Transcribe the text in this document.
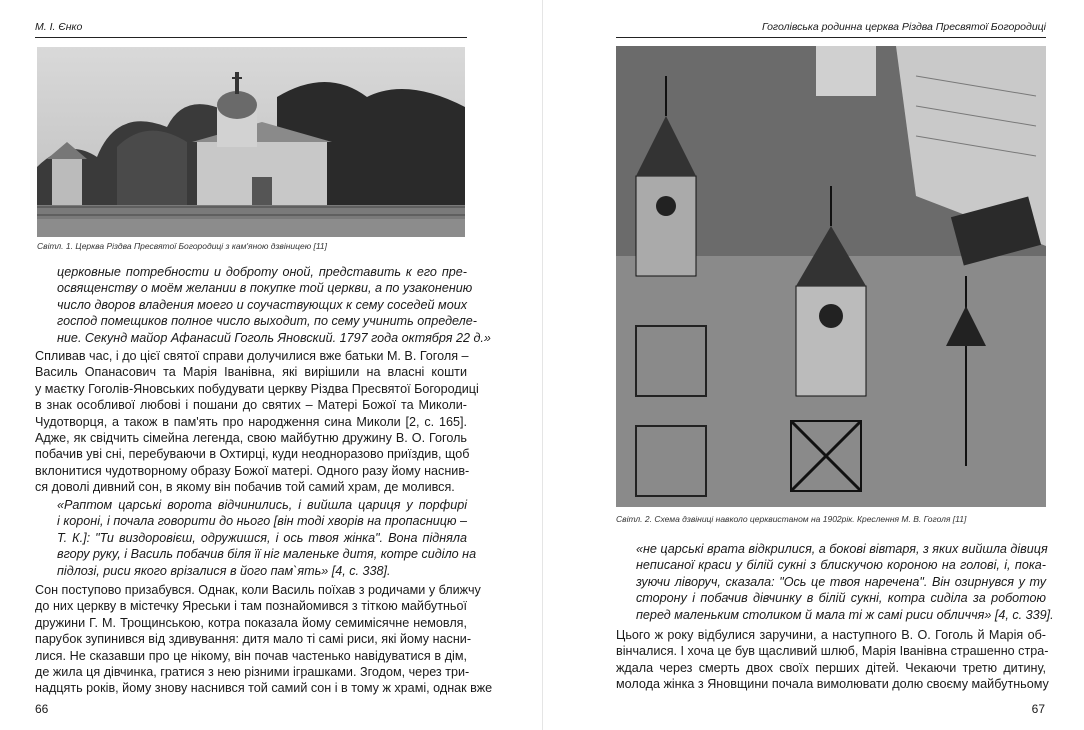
М. І. Єнко
Світл. 1. Церква Різдва Пресвятої Богородиці з кам'яною дзвіницею [11]
церковные потребности и доброту оной, представить к его пре-
освященству о моём желании в покупке той церкви, а по узаконению
число дворов владения моего и соучаствующих к сему соседей моих
господ помещиков полное число выходит, по сему учинить определе-
ние. Секунд майор Афанасий Гоголь Яновский. 1797 года октября 22 д.»
Спливав час, і до цієї святої справи долучилися вже батьки М. В. Гоголя –
Василь Опанасович та Марія Іванівна, які вирішили на власні кошти
у маєтку Гоголів-Яновських побудувати церкву Різдва Пресвятої Богородиці
в знак особливої любові і пошани до святих – Матері Божої та Миколи-
Чудотворця, а також в пам'ять про народження сина Миколи [2, с. 165].
Адже, як свідчить сімейна легенда, свою майбутню дружину В. О. Гоголь
побачив уві сні, перебуваючи в Охтирці, куди неодноразово приїздив, щоб
вклонитися чудотворному образу Божої матері. Одного разу йому наснив-
ся доволі дивний сон, в якому він побачив той самий храм, де молився.
«Раптом царські ворота відчинились, і вийшла цариця у порфирі
і короні, і почала говорити до нього [він тоді хворів на пропасницю –
Т. К.]: "Ти виздоровієш, одружишся, і ось твоя жінка". Вона підняла
вгору руку, і Василь побачив біля її ніг маленьке дитя, котре сиділо на
підлозі, риси якого врізалися в його пам`ять» [4, с. 338].
Сон поступово призабувся. Однак, коли Василь поїхав з родичами у ближчу
до них церкву в містечку Яреськи і там познайомився з тіткою майбутньої
дружини Г. М. Трощинською, котра показала йому семимісячне немовля,
парубок зупинився від здивування: дитя мало ті самі риси, які йому насни-
лися. Не сказавши про це нікому, він почав частенько навідуватися в дім,
де жила ця дівчинка, гратися з нею різними іграшками. Згодом, через три-
надцять років, йому знову наснився той самий сон і в тому ж храмі, однак вже
66
Гоголівська родинна церква Різдва Пресвятої Богородиці
Світл. 2. Схема дзвіниці навколо церквистаном на 1902рік. Креслення М. В. Гоголя [11]
«не царські врата відкрилися, а бокові вівтаря, з яких вийшла дівиця
неписаної краси у білій сукні з блискучою короною на голові, і, пока-
зуючи ліворуч, сказала: "Ось це твоя наречена". Він озирнувся у ту
сторону і побачив дівчинку в білій сукні, котра сиділа за роботою
перед маленьким столиком й мала ті ж самі риси обличчя» [4, с. 339].
Цього ж року відбулися заручини, а наступного В. О. Гоголь й Марія об-
вінчалися. І хоча це був щасливий шлюб, Марія Іванівна страшенно стра-
ждала через смерть двох своїх перших дітей. Чекаючи третю дитину,
молода жінка з Яновщини почала вимолювати долю своєму майбутньому
67
